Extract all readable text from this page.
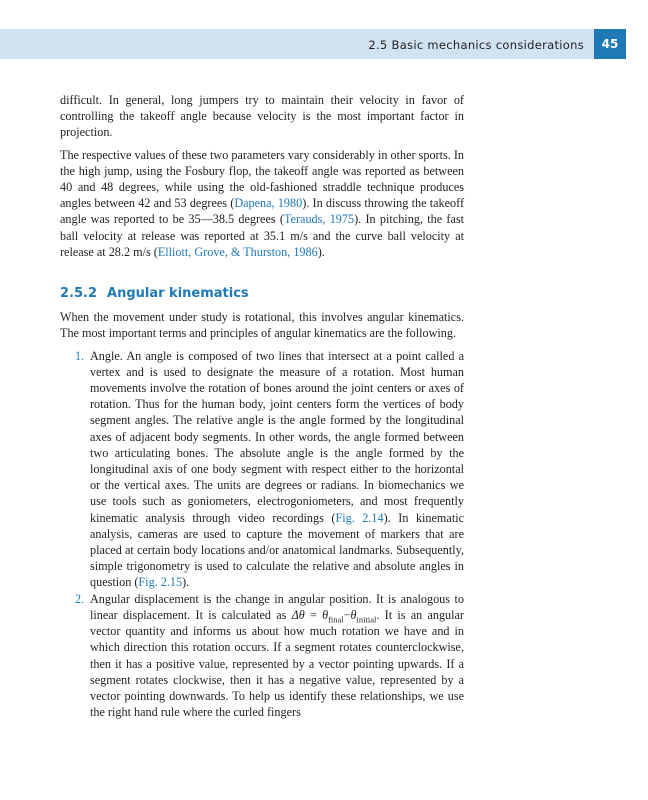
2.5 Basic mechanics considerations 45

difficult. In general, long jumpers try to maintain their velocity in favor of controlling the takeoff angle because velocity is the most important factor in projection.

The respective values of these two parameters vary considerably in other sports. In the high jump, using the Fosbury flop, the takeoff angle was reported as between 40 and 48 degrees, while using the old-fashioned straddle technique produces angles between 42 and 53 degrees (Dapena, 1980). In discuss throwing the takeoff angle was reported to be 35—38.5 degrees (Terauds, 1975). In pitching, the fast ball velocity at release was reported at 35.1 m/s and the curve ball velocity at release at 28.2 m/s (Elliott, Grove, & Thurston, 1986).

2.5.2 Angular kinematics

When the movement under study is rotational, this involves angular kinematics. The most important terms and principles of angular kinematics are the following.

1. Angle. An angle is composed of two lines that intersect at a point called a vertex and is used to designate the measure of a rotation. Most human movements involve the rotation of bones around the joint centers or axes of rotation. Thus for the human body, joint centers form the vertices of body segment angles. The relative angle is the angle formed by the longitudinal axes of adjacent body segments. In other words, the angle formed between two articulating bones. The absolute angle is the angle formed by the longitudinal axis of one body segment with respect either to the horizontal or the vertical axes. The units are degrees or radians. In biomechanics we use tools such as goniometers, electrogoniometers, and most frequently kinematic analysis through video recordings (Fig. 2.14). In kinematic analysis, cameras are used to capture the movement of markers that are placed at certain body locations and/or anatomical landmarks. Subsequently, simple trigonometry is used to calculate the relative and absolute angles in question (Fig. 2.15).
2. Angular displacement is the change in angular position. It is analogous to linear displacement. It is calculated as $\Delta\theta = \theta_{final}-\theta_{initial}$. It is an angular vector quantity and informs us about how much rotation we have and in which direction this rotation occurs. If a segment rotates counterclockwise, then it has a positive value, represented by a vector pointing upwards. If a segment rotates clockwise, then it has a negative value, represented by a vector pointing downwards. To help us identify these relationships, we use the right hand rule where the curled fingers
